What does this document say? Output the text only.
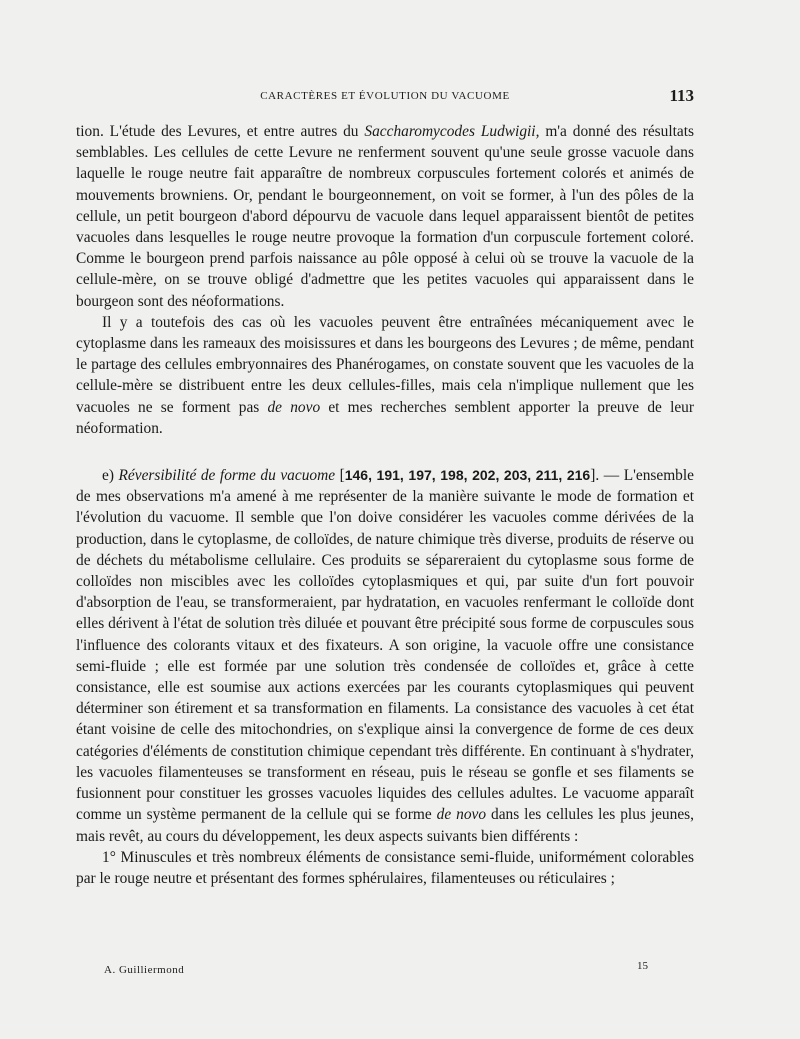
CARACTÈRES ET ÉVOLUTION DU VACUOME	113

tion. L'étude des Levures, et entre autres du Saccharomycodes Ludwigii, m'a donné des résultats semblables. Les cellules de cette Levure ne renferment souvent qu'une seule grosse vacuole dans laquelle le rouge neutre fait apparaître de nombreux corpuscules fortement colorés et animés de mouvements browniens. Or, pendant le bourgeonnement, on voit se former, à l'un des pôles de la cellule, un petit bourgeon d'abord dépourvu de vacuole dans lequel apparaissent bientôt de petites vacuoles dans lesquelles le rouge neutre provoque la formation d'un corpuscule fortement coloré. Comme le bourgeon prend parfois naissance au pôle opposé à celui où se trouve la vacuole de la cellule-mère, on se trouve obligé d'admettre que les petites vacuoles qui apparaissent dans le bourgeon sont des néoformations.

Il y a toutefois des cas où les vacuoles peuvent être entraînées mécaniquement avec le cytoplasme dans les rameaux des moisissures et dans les bourgeons des Levures ; de même, pendant le partage des cellules embryonnaires des Phanérogames, on constate souvent que les vacuoles de la cellule-mère se distribuent entre les deux cellules-filles, mais cela n'implique nullement que les vacuoles ne se forment pas de novo et mes recherches semblent apporter la preuve de leur néoformation.

e) Réversibilité de forme du vacuome [146, 191, 197, 198, 202, 203, 211, 216]. — L'ensemble de mes observations m'a amené à me représenter de la manière suivante le mode de formation et l'évolution du vacuome. Il semble que l'on doive considérer les vacuoles comme dérivées de la production, dans le cytoplasme, de colloïdes, de nature chimique très diverse, produits de réserve ou de déchets du métabolisme cellulaire. Ces produits se sépareraient du cytoplasme sous forme de colloïdes non miscibles avec les colloïdes cytoplasmiques et qui, par suite d'un fort pouvoir d'absorption de l'eau, se transformeraient, par hydratation, en vacuoles renfermant le colloïde dont elles dérivent à l'état de solution très diluée et pouvant être précipité sous forme de corpuscules sous l'influence des colorants vitaux et des fixateurs. A son origine, la vacuole offre une consistance semi-fluide ; elle est formée par une solution très condensée de colloïdes et, grâce à cette consistance, elle est soumise aux actions exercées par les courants cytoplasmiques qui peuvent déterminer son étirement et sa transformation en filaments. La consistance des vacuoles à cet état étant voisine de celle des mitochondries, on s'explique ainsi la convergence de forme de ces deux catégories d'éléments de constitution chimique cependant très différente. En continuant à s'hydrater, les vacuoles filamenteuses se transforment en réseau, puis le réseau se gonfle et ses filaments se fusionnent pour constituer les grosses vacuoles liquides des cellules adultes. Le vacuome apparaît comme un système permanent de la cellule qui se forme de novo dans les cellules les plus jeunes, mais revêt, au cours du développement, les deux aspects suivants bien différents :

1° Minuscules et très nombreux éléments de consistance semi-fluide, uniformément colorables par le rouge neutre et présentant des formes sphérulaires, filamenteuses ou réticulaires ;

A. Guilliermond	15
